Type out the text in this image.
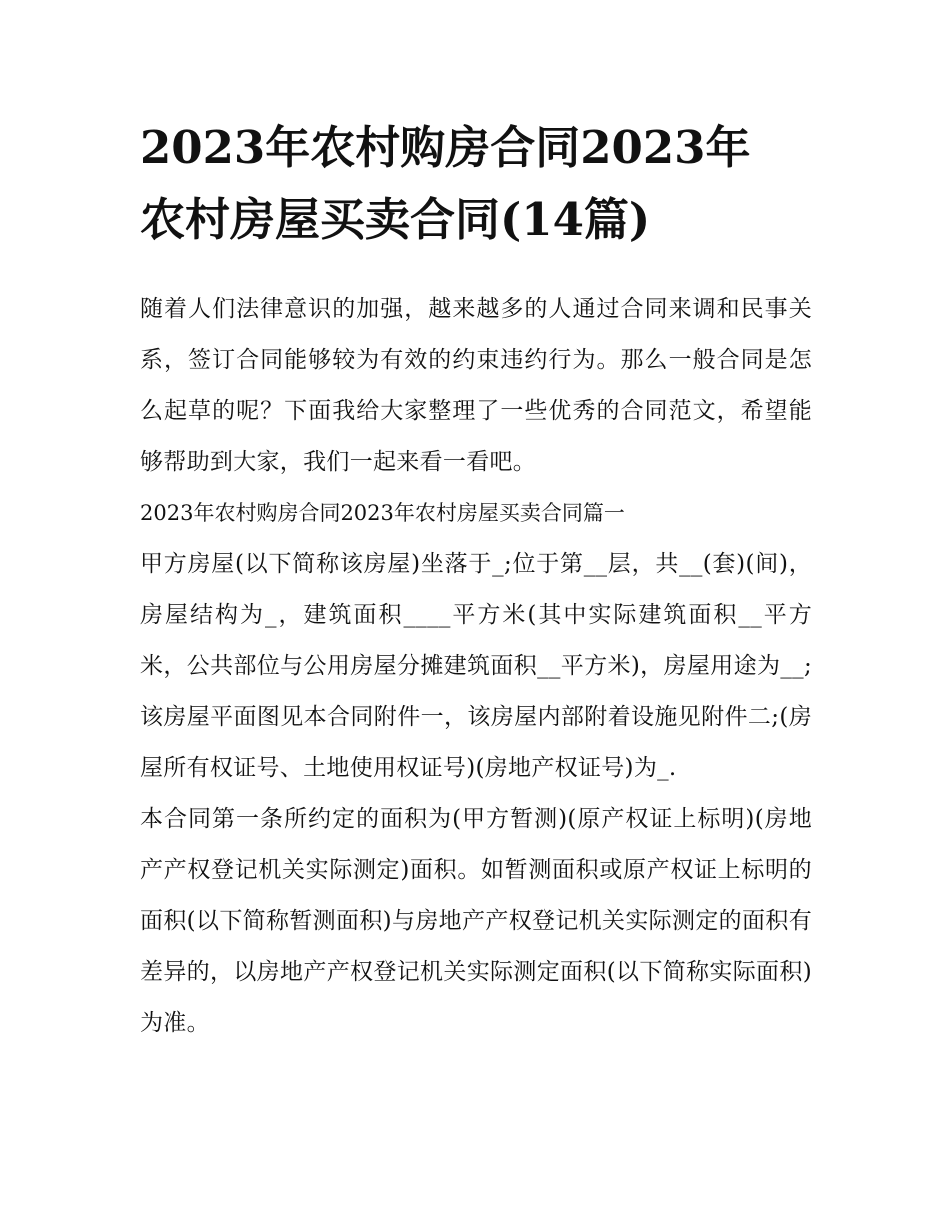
2023年农村购房合同2023年
农村房屋买卖合同(14篇)

随着人们法律意识的加强，越来越多的人通过合同来调和民事关系，签订合同能够较为有效的约束违约行为。那么一般合同是怎么起草的呢？下面我给大家整理了一些优秀的合同范文，希望能够帮助到大家，我们一起来看一看吧。

2023年农村购房合同2023年农村房屋买卖合同篇一

甲方房屋(以下简称该房屋)坐落于_;位于第__层，共__(套)(间)，房屋结构为_，建筑面积____平方米(其中实际建筑面积__平方米，公共部位与公用房屋分摊建筑面积__平方米)，房屋用途为__;该房屋平面图见本合同附件一，该房屋内部附着设施见附件二;(房屋所有权证号、土地使用权证号)(房地产权证号)为_.

本合同第一条所约定的面积为(甲方暂测)(原产权证上标明)(房地产产权登记机关实际测定)面积。如暂测面积或原产权证上标明的面积(以下简称暂测面积)与房地产产权登记机关实际测定的面积有差异的，以房地产产权登记机关实际测定面积(以下简称实际面积)为准。
